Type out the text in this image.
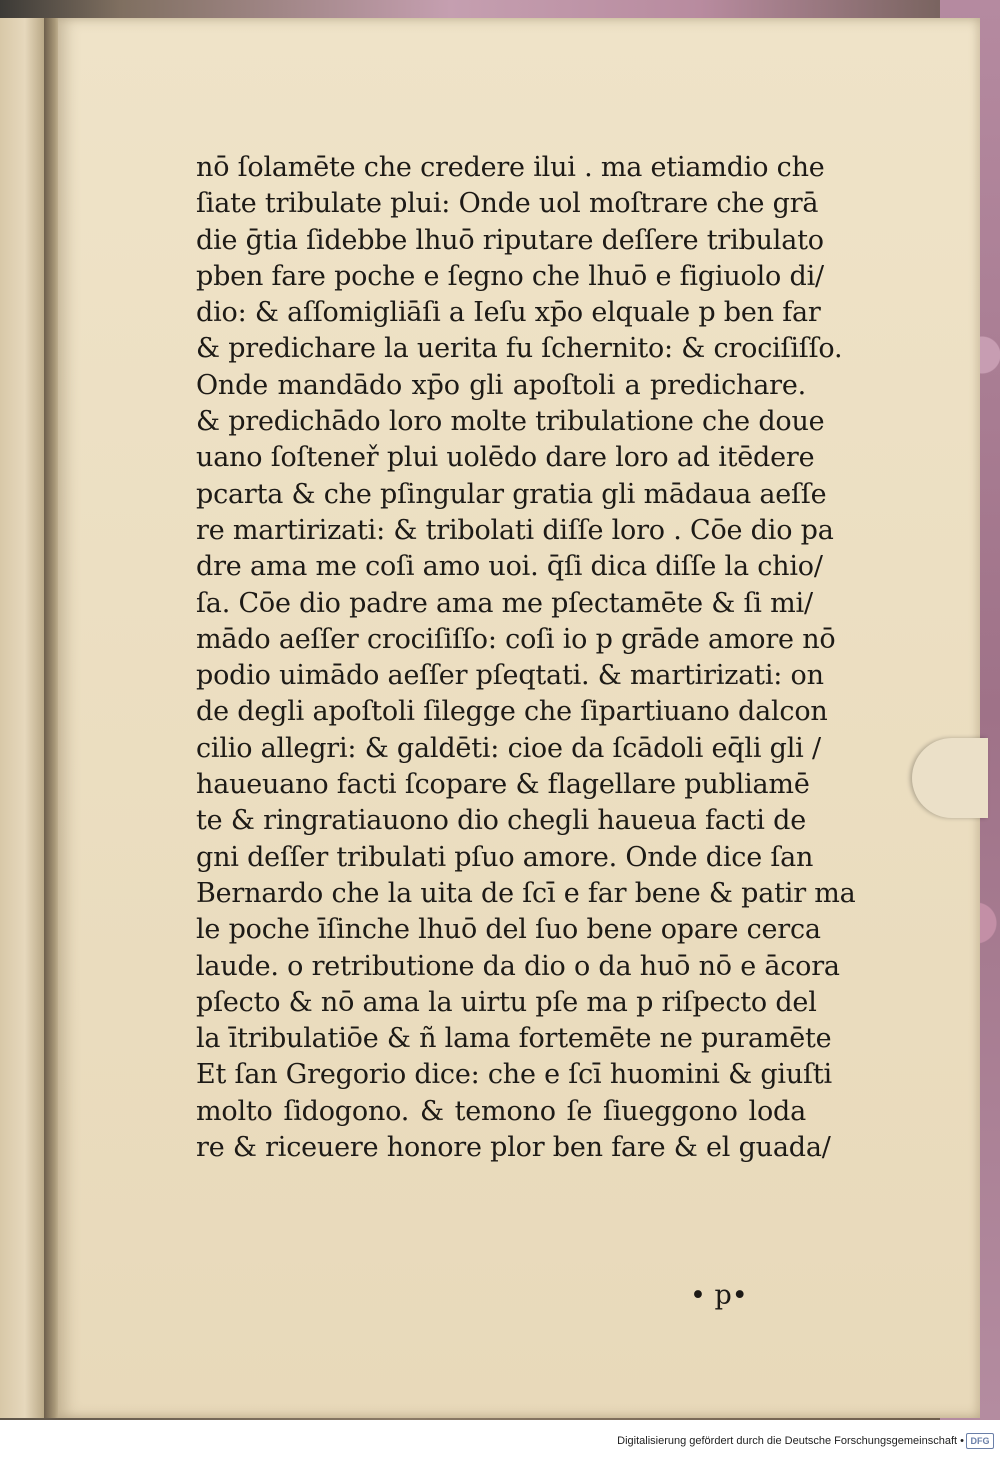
nō ſolamēte che credere ilui . ma etiamdio che
ſiate tribulate plui: Onde uol moſtrare che grā
die ḡtia ſidebbe lhuō riputare deſſere tribulato
pben fare poche e ſegno che lhuō e figiuolo di/
dio: & aſſomigliāſi a Ieſu xp̄o elquale p ben far
& predichare la uerita fu ſchernito: & crociſiſſo.
Onde mandādo xp̄o gli apoſtoli a predichare.
& predichādo loro molte tribulatione che doue
uano ſoſteneř plui uolēdo dare loro ad itēdere
pcarta & che pſingular gratia gli mādaua aeſſe
re martirizati: & tribolati diſſe loro . Cōe dio pa
dre ama me coſi amo uoi. q̄ſi dica diſſe la chio/
ſa. Cōe dio padre ama me pſectamēte & ſi mi/
mādo aeſſer crociſiſſo: coſi io p grāde amore nō
podio uimādo aeſſer pſeqtati. & martirizati: on
de degli apoſtoli ſilegge che ſipartiuano dalcon
cilio allegri: & galdēti: cioe da ſcādoli eq̄li gli /
haueuano facti ſcopare & flagellare publiamē
te & ringratiauono dio chegli haueua facti de
gni deſſer tribulati pſuo amore. Onde dice ſan
Bernardo che la uita de ſcī e far bene & patir ma
le poche īſinche lhuō del ſuo bene opare cerca
laude. o retributione da dio o da huō nō e ācora
pſecto & nō ama la uirtu pſe ma p riſpecto del
la ītribulatiōe & ñ lama fortemēte ne puramēte
Et ſan Gregorio dice: che e ſcī huomini & giuſti
molto ſidogono. & temono ſe ſiueggono loda
re & riceuere honore plor ben fare & el guada/
• p•
Digitalisierung gefördert durch die Deutsche Forschungsgemeinschaft • DFG
